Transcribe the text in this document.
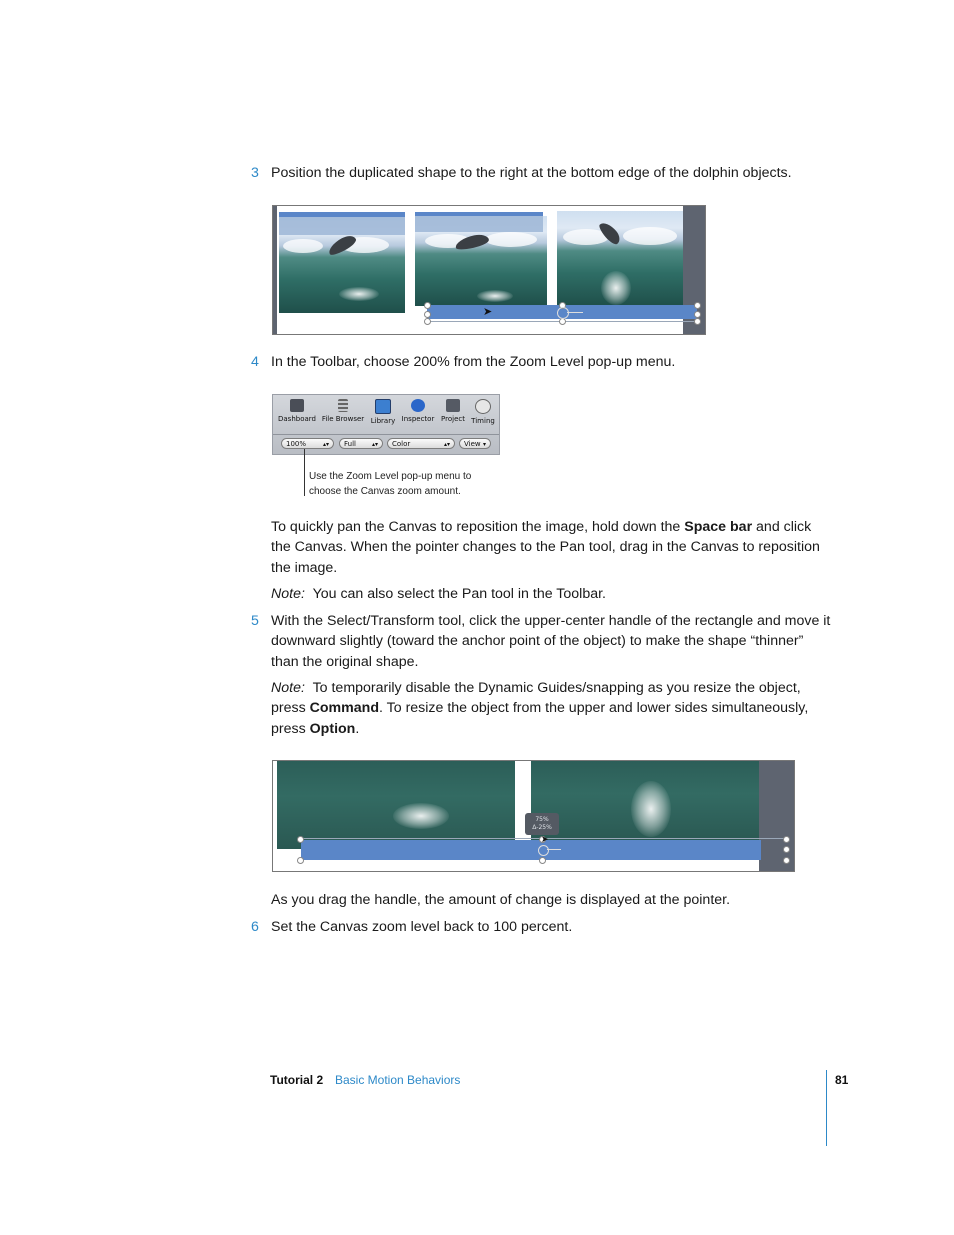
3 Position the duplicated shape to the right at the bottom edge of the dolphin objects.
➤
4 In the Toolbar, choose 200% from the Zoom Level pop-up menu.
Dashboard File Browser Library Inspector Project Timing
100%	▴▾	Full	▴▾	Color	▴▾	View ▾
Use the Zoom Level pop-up menu to
choose the Canvas zoom amount.
To quickly pan the Canvas to reposition the image, hold down the Space bar and click the Canvas. When the pointer changes to the Pan tool, drag in the Canvas to reposition the image.
Note: You can also select the Pan tool in the Toolbar.
5 With the Select/Transform tool, click the upper-center handle of the rectangle and move it downward slightly (toward the anchor point of the object) to make the shape “thinner” than the original shape.
Note: To temporarily disable the Dynamic Guides/snapping as you resize the object, press Command. To resize the object from the upper and lower sides simultaneously, press Option.
75%
Δ-25%
➤
As you drag the handle, the amount of change is displayed at the pointer.
6 Set the Canvas zoom level back to 100 percent.
Tutorial 2 Basic Motion Behaviors	81
